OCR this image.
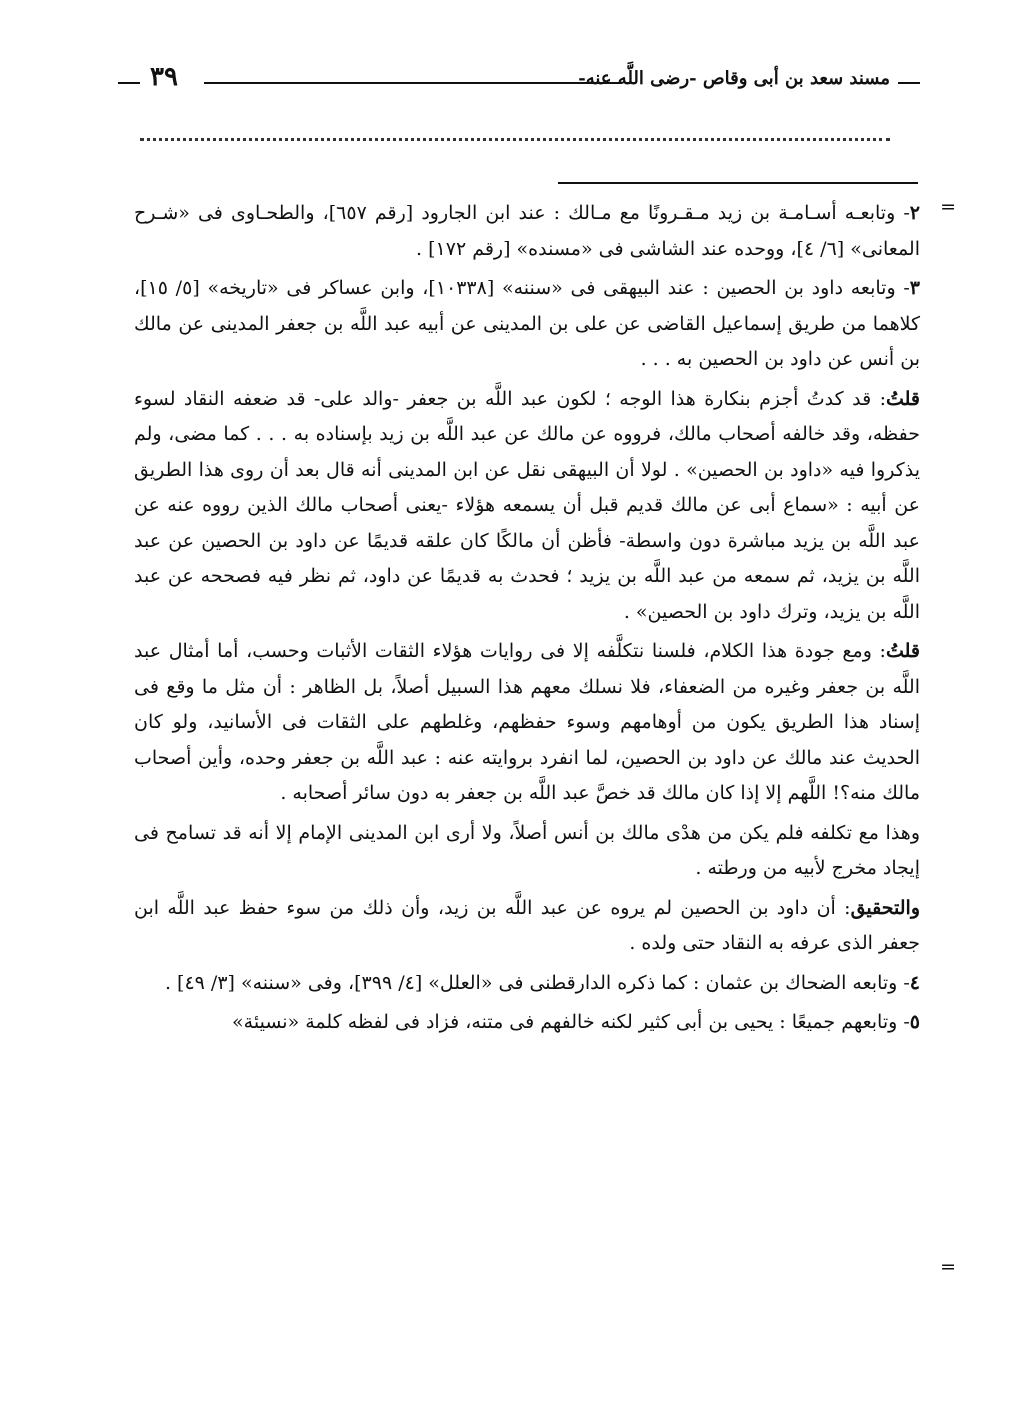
مسند سعد بن أبى وقاص -رضى اللَّه عنه-
٣٩
=

٢- وتابعـه أسـامـة بن زيد مـقـرونًا مع مـالك : عند ابن الجارود [رقم ٦٥٧]، والطحـاوى فى «شـرح المعانى» [٦/ ٤]، ووحده عند الشاشى فى «مسنده» [رقم ١٧٢] .

٣- وتابعه داود بن الحصين : عند البيهقى فى «سننه» [١٠٣٣٨]، وابن عساكر فى «تاريخه» [٥/ ١٥]، كلاهما من طريق إسماعيل القاضى عن على بن المدينى عن أبيه عبد اللَّه بن جعفر المدينى عن مالك بن أنس عن داود بن الحصين به . . .

قلتُ: قد كدتُ أجزم بنكارة هذا الوجه ؛ لكون عبد اللَّه بن جعفر -والد على- قد ضعفه النقاد لسوء حفظه، وقد خالفه أصحاب مالك، فرووه عن مالك عن عبد اللَّه بن زيد بإسناده به . . . كما مضى، ولم يذكروا فيه «داود بن الحصين» . لولا أن البيهقى نقل عن ابن المدينى أنه قال بعد أن روى هذا الطريق عن أبيه : «سماع أبى عن مالك قديم قبل أن يسمعه هؤلاء -يعنى أصحاب مالك الذين رووه عنه عن عبد اللَّه بن يزيد مباشرة دون واسطة- فأظن أن مالكًا كان علقه قديمًا عن داود بن الحصين عن عبد اللَّه بن يزيد، ثم سمعه من عبد اللَّه بن يزيد ؛ فحدث به قديمًا عن داود، ثم نظر فيه فصححه عن عبد اللَّه بن يزيد، وترك داود بن الحصين» .

قلتُ: ومع جودة هذا الكلام، فلسنا نتكلَّفه إلا فى روايات هؤلاء الثقات الأثبات وحسب، أما أمثال عبد اللَّه بن جعفر وغيره من الضعفاء، فلا نسلك معهم هذا السبيل أصلاً، بل الظاهر : أن مثل ما وقع فى إسناد هذا الطريق يكون من أوهامهم وسوء حفظهم، وغلطهم على الثقات فى الأسانيد، ولو كان الحديث عند مالك عن داود بن الحصين، لما انفرد بروايته عنه : عبد اللَّه بن جعفر وحده، وأين أصحاب مالك منه؟! اللَّهم إلا إذا كان مالك قد خصَّ عبد اللَّه بن جعفر به دون سائر أصحابه .

وهذا مع تكلفه فلم يكن من هدْى مالك بن أنس أصلاً، ولا أرى ابن المدينى الإمام إلا أنه قد تسامح فى إيجاد مخرج لأبيه من ورطته .

والتحقيق: أن داود بن الحصين لم يروه عن عبد اللَّه بن زيد، وأن ذلك من سوء حفظ عبد اللَّه ابن جعفر الذى عرفه به النقاد حتى ولده .

٤- وتابعه الضحاك بن عثمان : كما ذكره الدارقطنى فى «العلل» [٤/ ٣٩٩]، وفى «سننه» [٣/ ٤٩] .

٥- وتابعهم جميعًا : يحيى بن أبى كثير لكنه خالفهم فى متنه، فزاد فى لفظه كلمة «نسيئة»

=
